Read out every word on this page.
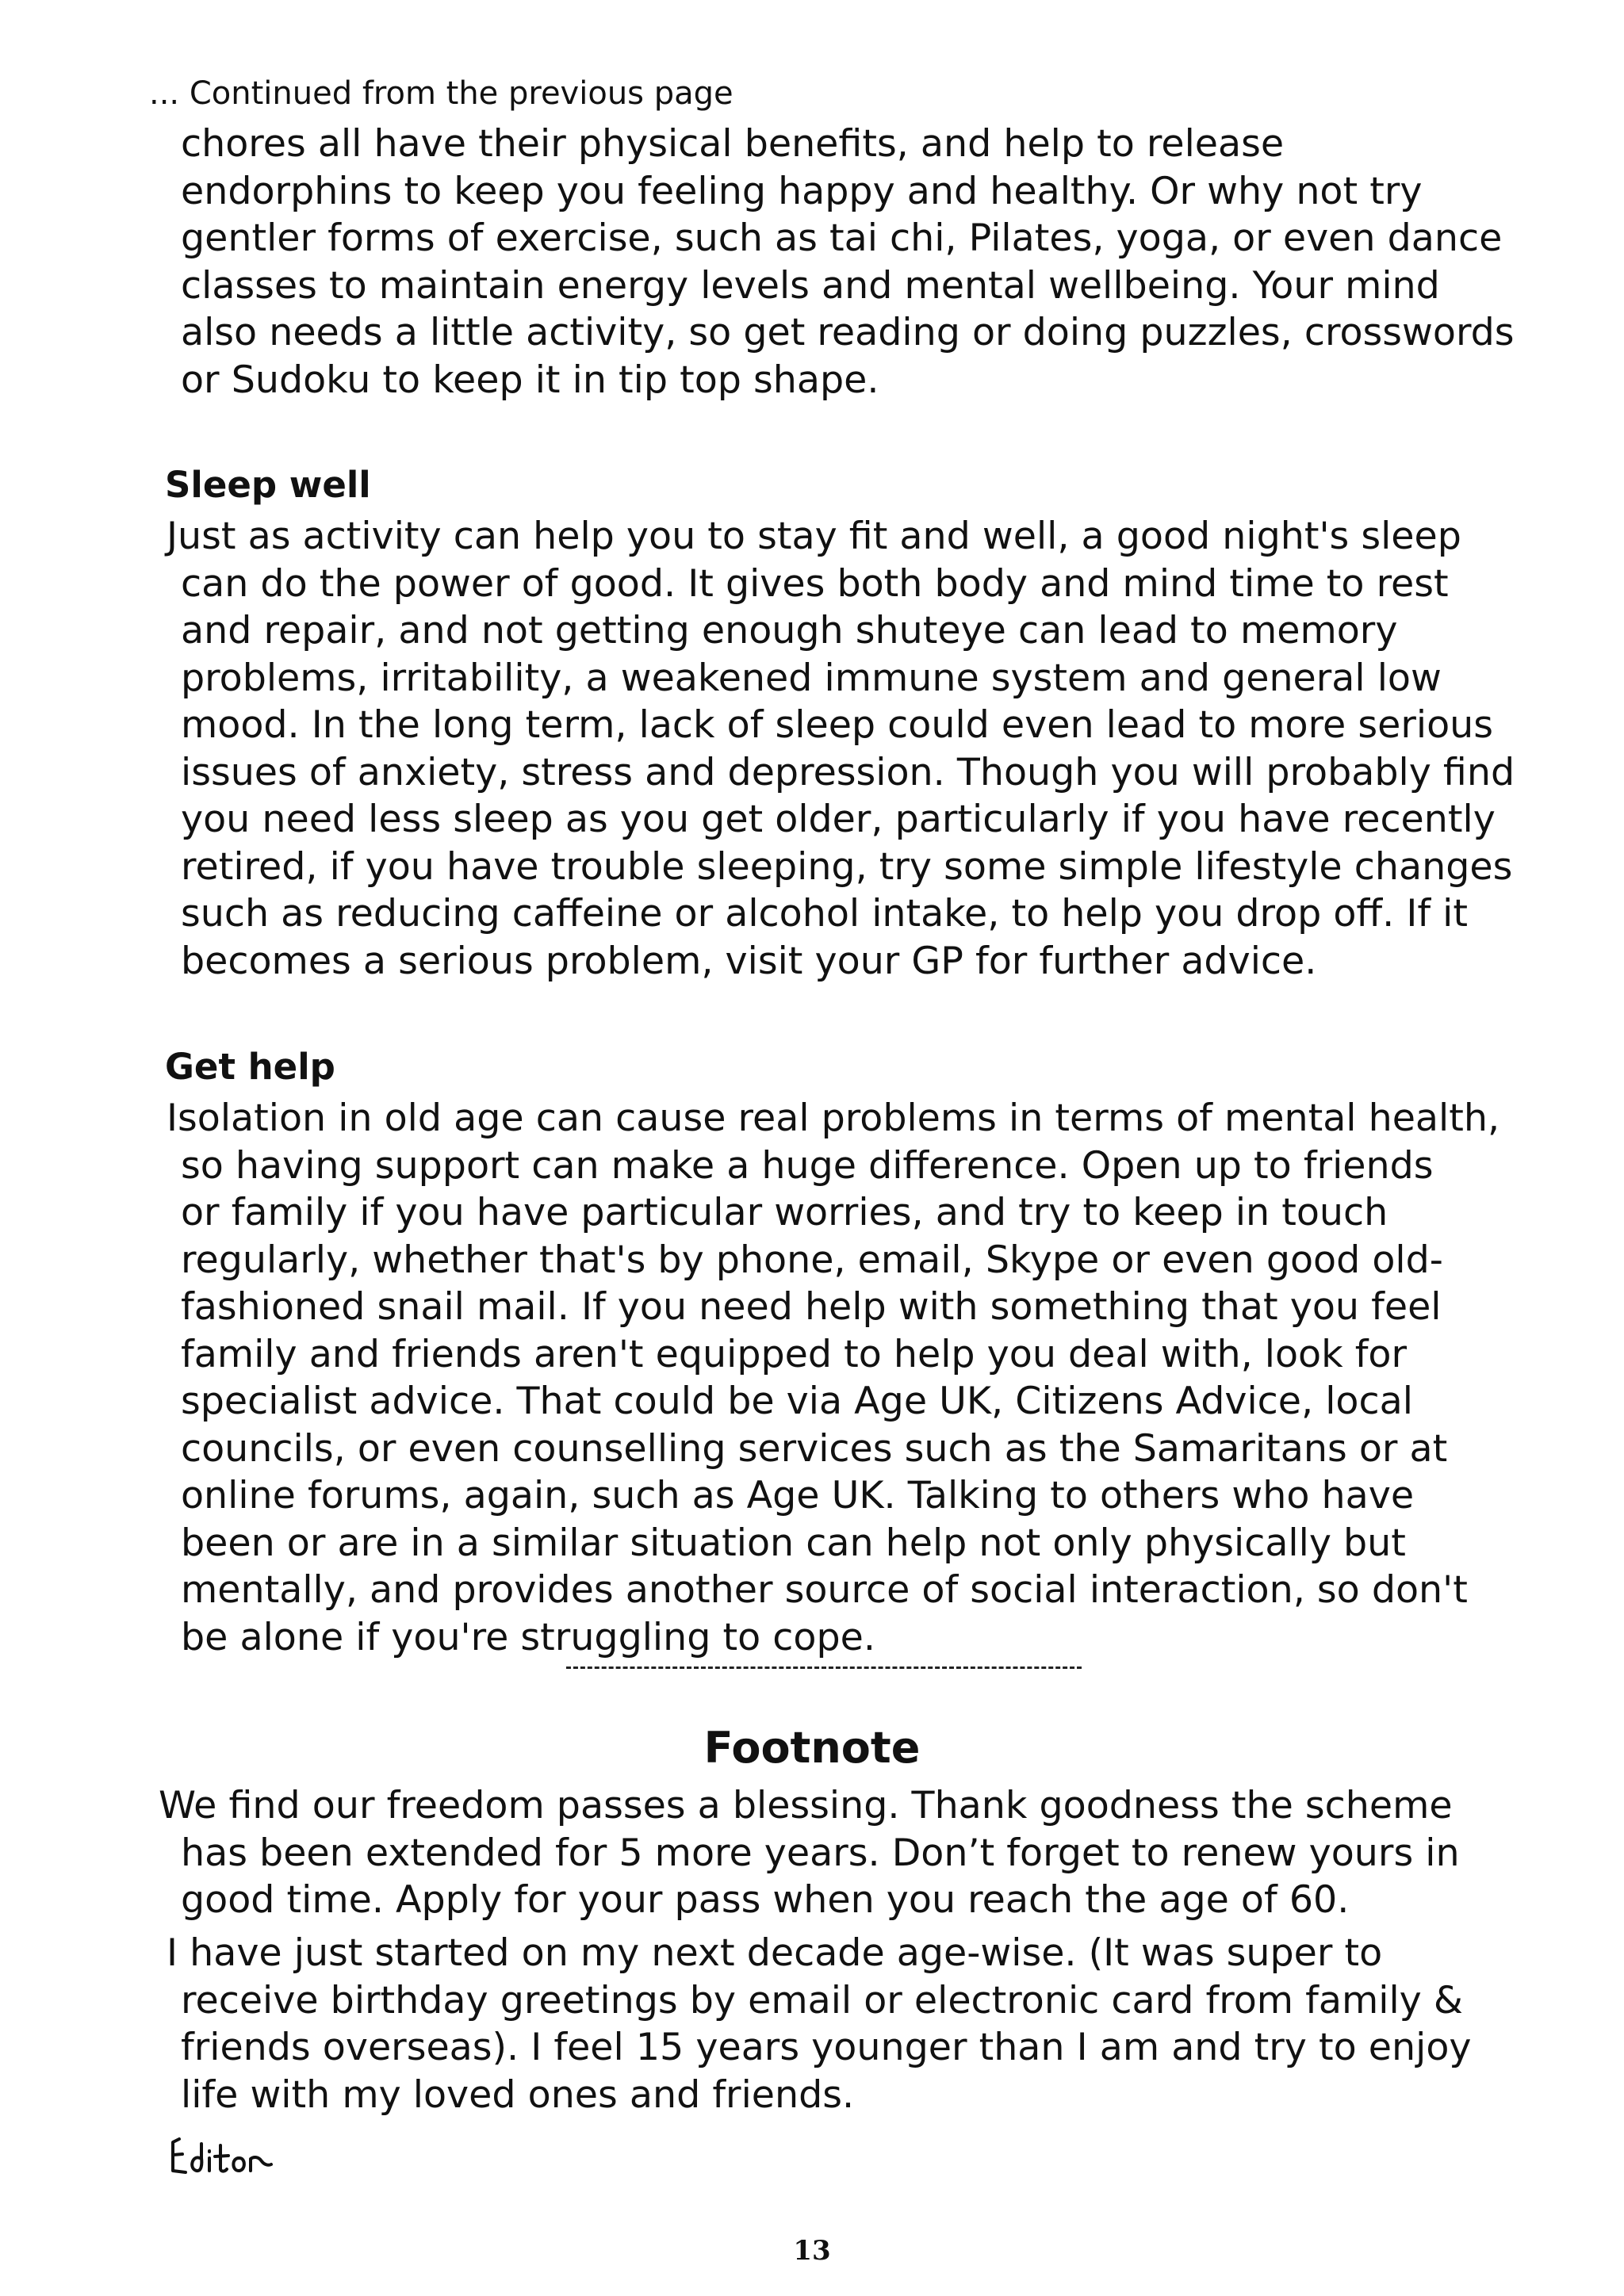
... Continued from the previous page
chores all have their physical benefits, and help to release
endorphins to keep you feeling happy and healthy. Or why not try
gentler forms of exercise, such as tai chi, Pilates, yoga, or even dance
classes to maintain energy levels and mental wellbeing. Your mind
also needs a little activity, so get reading or doing puzzles, crosswords
or Sudoku to keep it in tip top shape.
Sleep well
Just as activity can help you to stay fit and well, a good night's sleep
can do the power of good. It gives both body and mind time to rest
and repair, and not getting enough shuteye can lead to memory
problems, irritability, a weakened immune system and general low
mood. In the long term, lack of sleep could even lead to more serious
issues of anxiety, stress and depression. Though you will probably find
you need less sleep as you get older, particularly if you have recently
retired, if you have trouble sleeping, try some simple lifestyle changes
such as reducing caffeine or alcohol intake, to help you drop off. If it
becomes a serious problem, visit your GP for further advice.
Get help
Isolation in old age can cause real problems in terms of mental health,
so having support can make a huge difference. Open up to friends
or family if you have particular worries, and try to keep in touch
regularly, whether that's by phone, email, Skype or even good old-
fashioned snail mail. If you need help with something that you feel
family and friends aren't equipped to help you deal with, look for
specialist advice. That could be via Age UK, Citizens Advice, local
councils, or even counselling services such as the Samaritans or at
online forums, again, such as Age UK. Talking to others who have
been or are in a similar situation can help not only physically but
mentally, and provides another source of social interaction, so don't
be alone if you're struggling to cope.
Footnote
We find our freedom passes a blessing. Thank goodness the scheme
has been extended for 5 more years. Don’t forget to renew yours in
good time. Apply for your pass when you reach the age of 60.
I have just started on my next decade age-wise. (It was super to
receive birthday greetings by email or electronic card from family &
friends overseas). I feel 15 years younger than I am and try to enjoy
life with my loved ones and friends.
13
